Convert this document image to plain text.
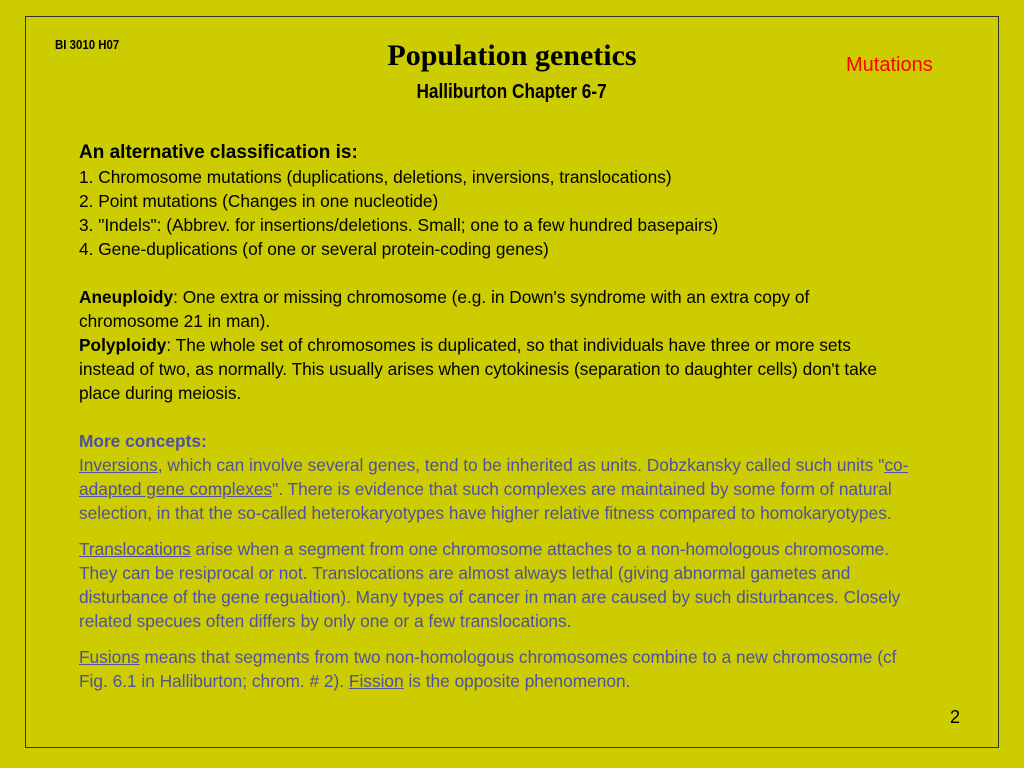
BI 3010 H07	Population genetics
Halliburton Chapter 6-7
Mutations

An alternative classification is:

1. Chromosome mutations (duplications, deletions, inversions, translocations)

2. Point mutations (Changes in one nucleotide)

3. "Indels": (Abbrev. for insertions/deletions. Small; one to a few hundred basepairs)

4. Gene-duplications (of one or several protein-coding genes)

Aneuploidy: One extra or missing chromosome (e.g. in Down's syndrome with an extra copy of chromosome 21 in man).

Polyploidy: The whole set of chromosomes is duplicated, so that individuals have three or more sets instead of two, as normally. This usually arises when cytokinesis (separation to daughter cells) don't take place during meiosis.

More concepts:

Inversions, which can involve several genes, tend to be inherited as units. Dobzkansky called such units "co-adapted gene complexes". There is evidence that such complexes are maintained by some form of natural selection, in that the so-called heterokaryotypes have higher relative fitness compared to homokaryotypes.

Translocations arise when a segment from one chromosome attaches to a non-homologous chromosome. They can be resiprocal or not. Translocations are almost always lethal (giving abnormal gametes and disturbance of the gene regualtion). Many types of cancer in man are caused by such disturbances. Closely related specues often differs by only one or a few translocations.

Fusions means that segments from two non-homologous chromosomes combine to a new chromosome (cf Fig. 6.1 in Halliburton; chrom. # 2). Fission is the opposite phenomenon.

2
